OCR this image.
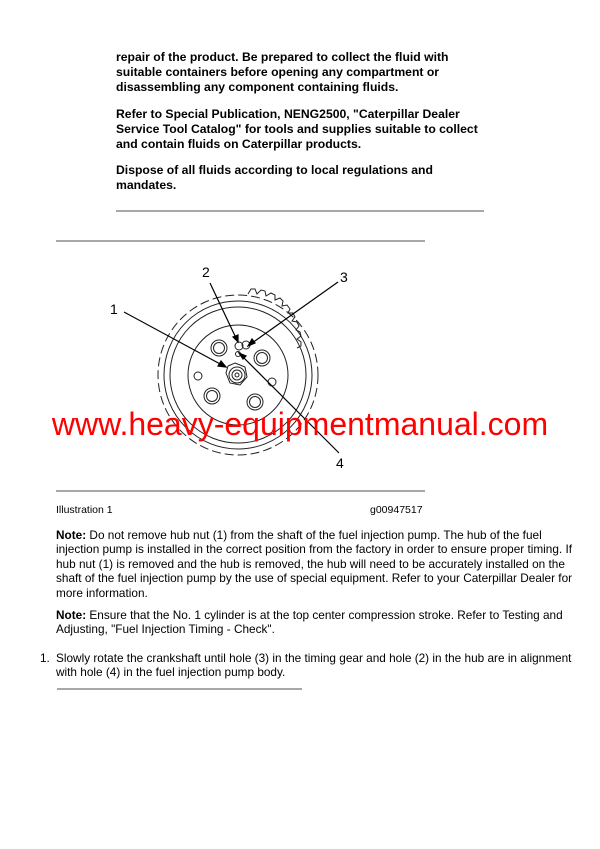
repair of the product. Be prepared to collect the fluid with suitable containers before opening any compartment or disassembling any component containing fluids.

Refer to Special Publication, NENG2500, "Caterpillar Dealer Service Tool Catalog" for tools and supplies suitable to collect and contain fluids on Caterpillar products.

Dispose of all fluids according to local regulations and mandates.

2	3
1
4
www.heavy-equipmentmanual.com
Illustration 1	g00947517

Note: Do not remove hub nut (1) from the shaft of the fuel injection pump. The hub of the fuel injection pump is installed in the correct position from the factory in order to ensure proper timing. If hub nut (1) is removed and the hub is removed, the hub will need to be accurately installed on the shaft of the fuel injection pump by the use of special equipment. Refer to your Caterpillar Dealer for more information.

Note: Ensure that the No. 1 cylinder is at the top center compression stroke. Refer to Testing and Adjusting, "Fuel Injection Timing - Check".

1. Slowly rotate the crankshaft until hole (3) in the timing gear and hole (2) in the hub are in alignment with hole (4) in the fuel injection pump body.
